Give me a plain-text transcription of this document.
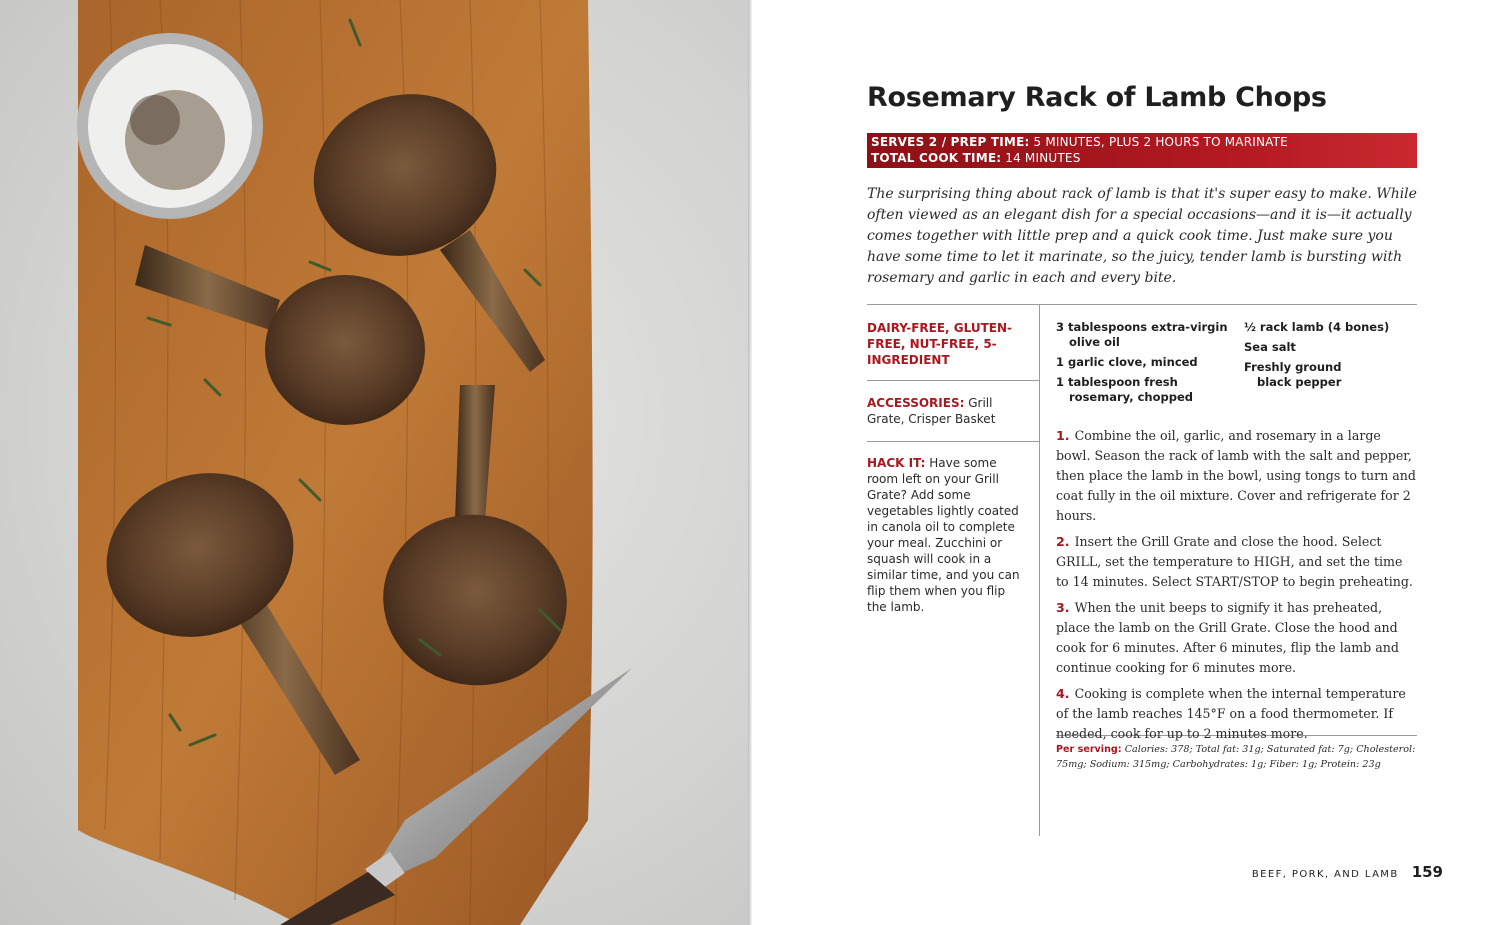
Rosemary Rack of Lamb Chops
SERVES 2 / PREP TIME: 5 MINUTES, PLUS 2 HOURS TO MARINATE
TOTAL COOK TIME: 14 MINUTES

The surprising thing about rack of lamb is that it's super easy to make. While often viewed as an elegant dish for a special occasions—and it is—it actually comes together with little prep and a quick cook time. Just make sure you have some time to let it marinate, so the juicy, tender lamb is bursting with rosemary and garlic in each and every bite.

DAIRY-FREE, GLUTEN-FREE, NUT-FREE, 5-INGREDIENT
ACCESSORIES: Grill Grate, Crisper Basket
HACK IT: Have some room left on your Grill Grate? Add some vegetables lightly coated in canola oil to complete your meal. Zucchini or squash will cook in a similar time, and you can flip them when you flip the lamb.
3 tablespoons extra-virgin olive oil
1 garlic clove, minced
1 tablespoon fresh rosemary, chopped
½ rack lamb (4 bones)
Sea salt
Freshly ground black pepper
1. Combine the oil, garlic, and rosemary in a large bowl. Season the rack of lamb with the salt and pepper, then place the lamb in the bowl, using tongs to turn and coat fully in the oil mixture. Cover and refrigerate for 2 hours.
2. Insert the Grill Grate and close the hood. Select GRILL, set the temperature to HIGH, and set the time to 14 minutes. Select START/STOP to begin preheating.
3. When the unit beeps to signify it has preheated, place the lamb on the Grill Grate. Close the hood and cook for 6 minutes. After 6 minutes, flip the lamb and continue cooking for 6 minutes more.
4. Cooking is complete when the internal temperature of the lamb reaches 145°F on a food thermometer. If needed, cook for up to 2 minutes more.
Per serving: Calories: 378; Total fat: 31g; Saturated fat: 7g; Cholesterol: 75mg; Sodium: 315mg; Carbohydrates: 1g; Fiber: 1g; Protein: 23g
BEEF, PORK, AND LAMB 159
